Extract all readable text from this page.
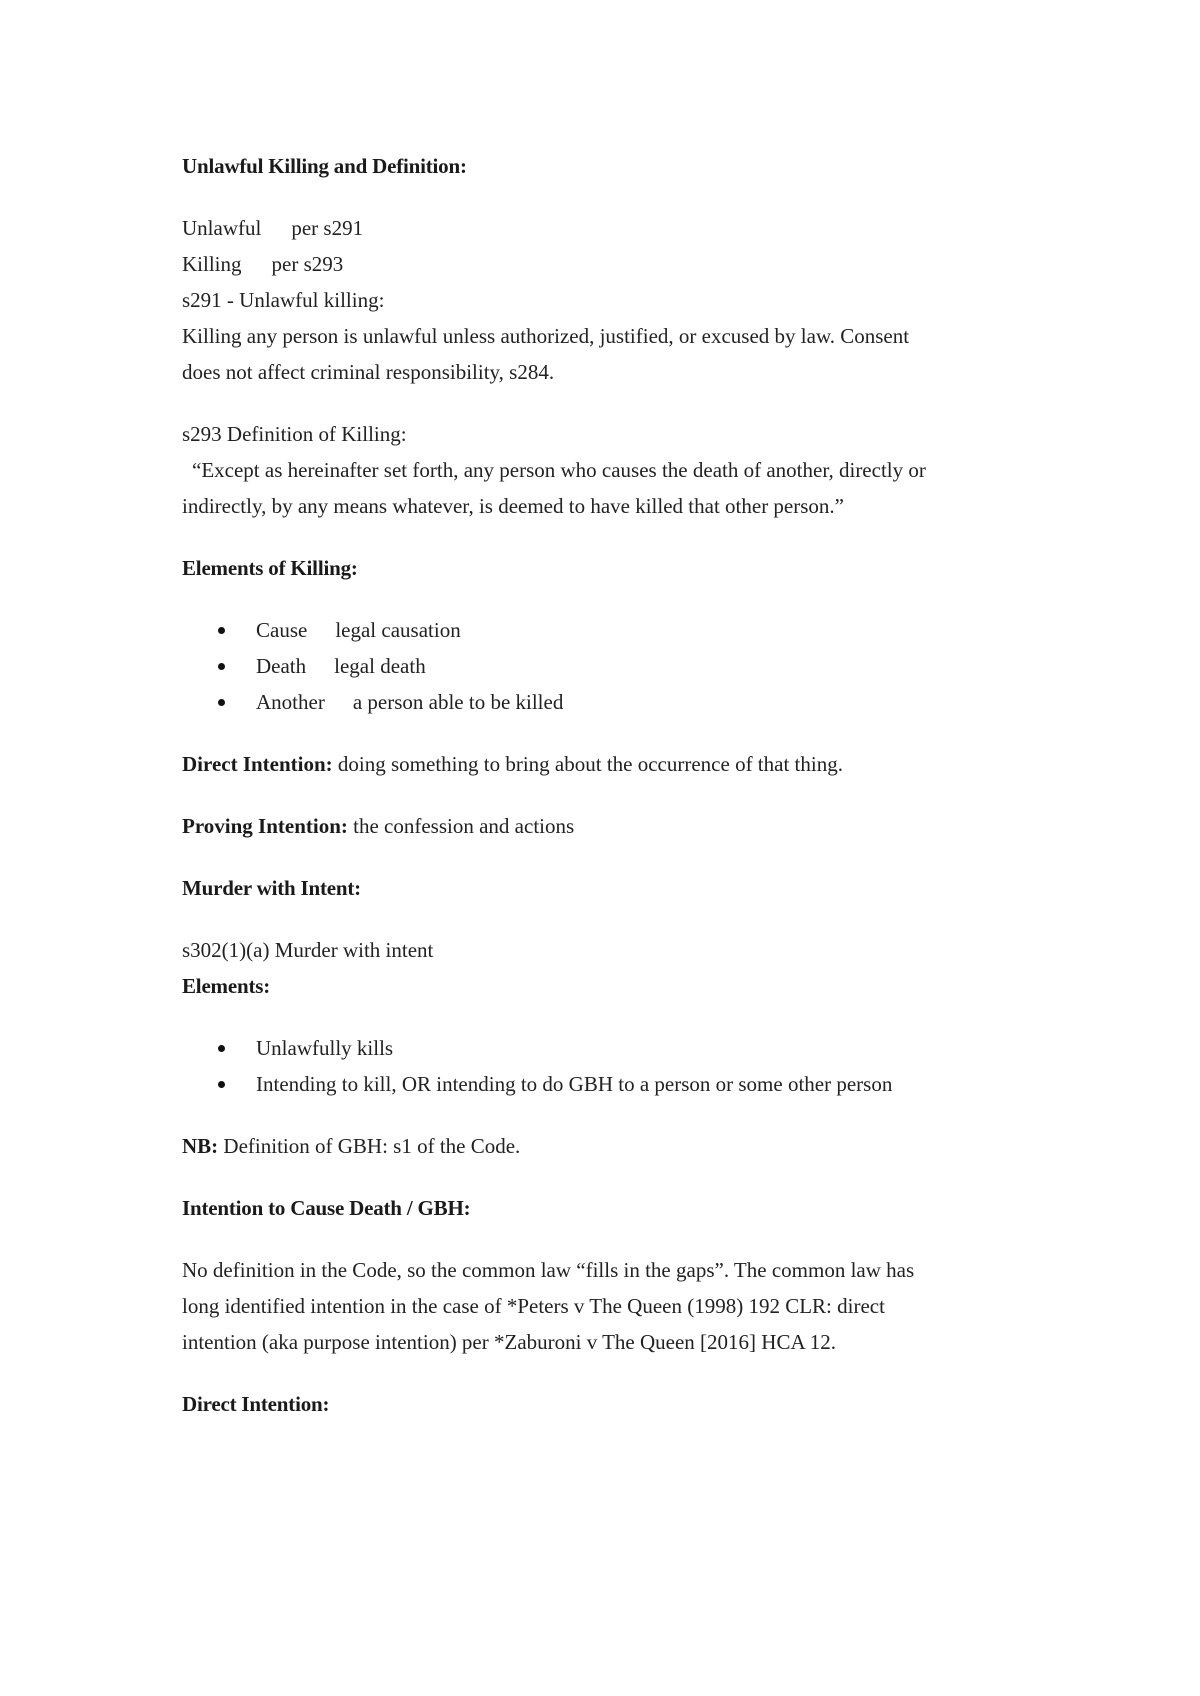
Unlawful Killing and Definition:

Unlawful per s291

Killing per s293

s291 - Unlawful killing:

Killing any person is unlawful unless authorized, justified, or excused by law. Consent

does not affect criminal responsibility, s284.

s293 Definition of Killing:

“Except as hereinafter set forth, any person who causes the death of another, directly or

indirectly, by any means whatever, is deemed to have killed that other person.”

Elements of Killing:

Cause legal causation
Death legal death
Another a person able to be killed

Direct Intention: doing something to bring about the occurrence of that thing.

Proving Intention: the confession and actions

Murder with Intent:

s302(1)(a) Murder with intent

Elements:

Unlawfully kills
Intending to kill, OR intending to do GBH to a person or some other person

NB: Definition of GBH: s1 of the Code.

Intention to Cause Death / GBH:

No definition in the Code, so the common law “fills in the gaps”. The common law has

long identified intention in the case of *Peters v The Queen (1998) 192 CLR: direct

intention (aka purpose intention) per *Zaburoni v The Queen [2016] HCA 12.

Direct Intention:
